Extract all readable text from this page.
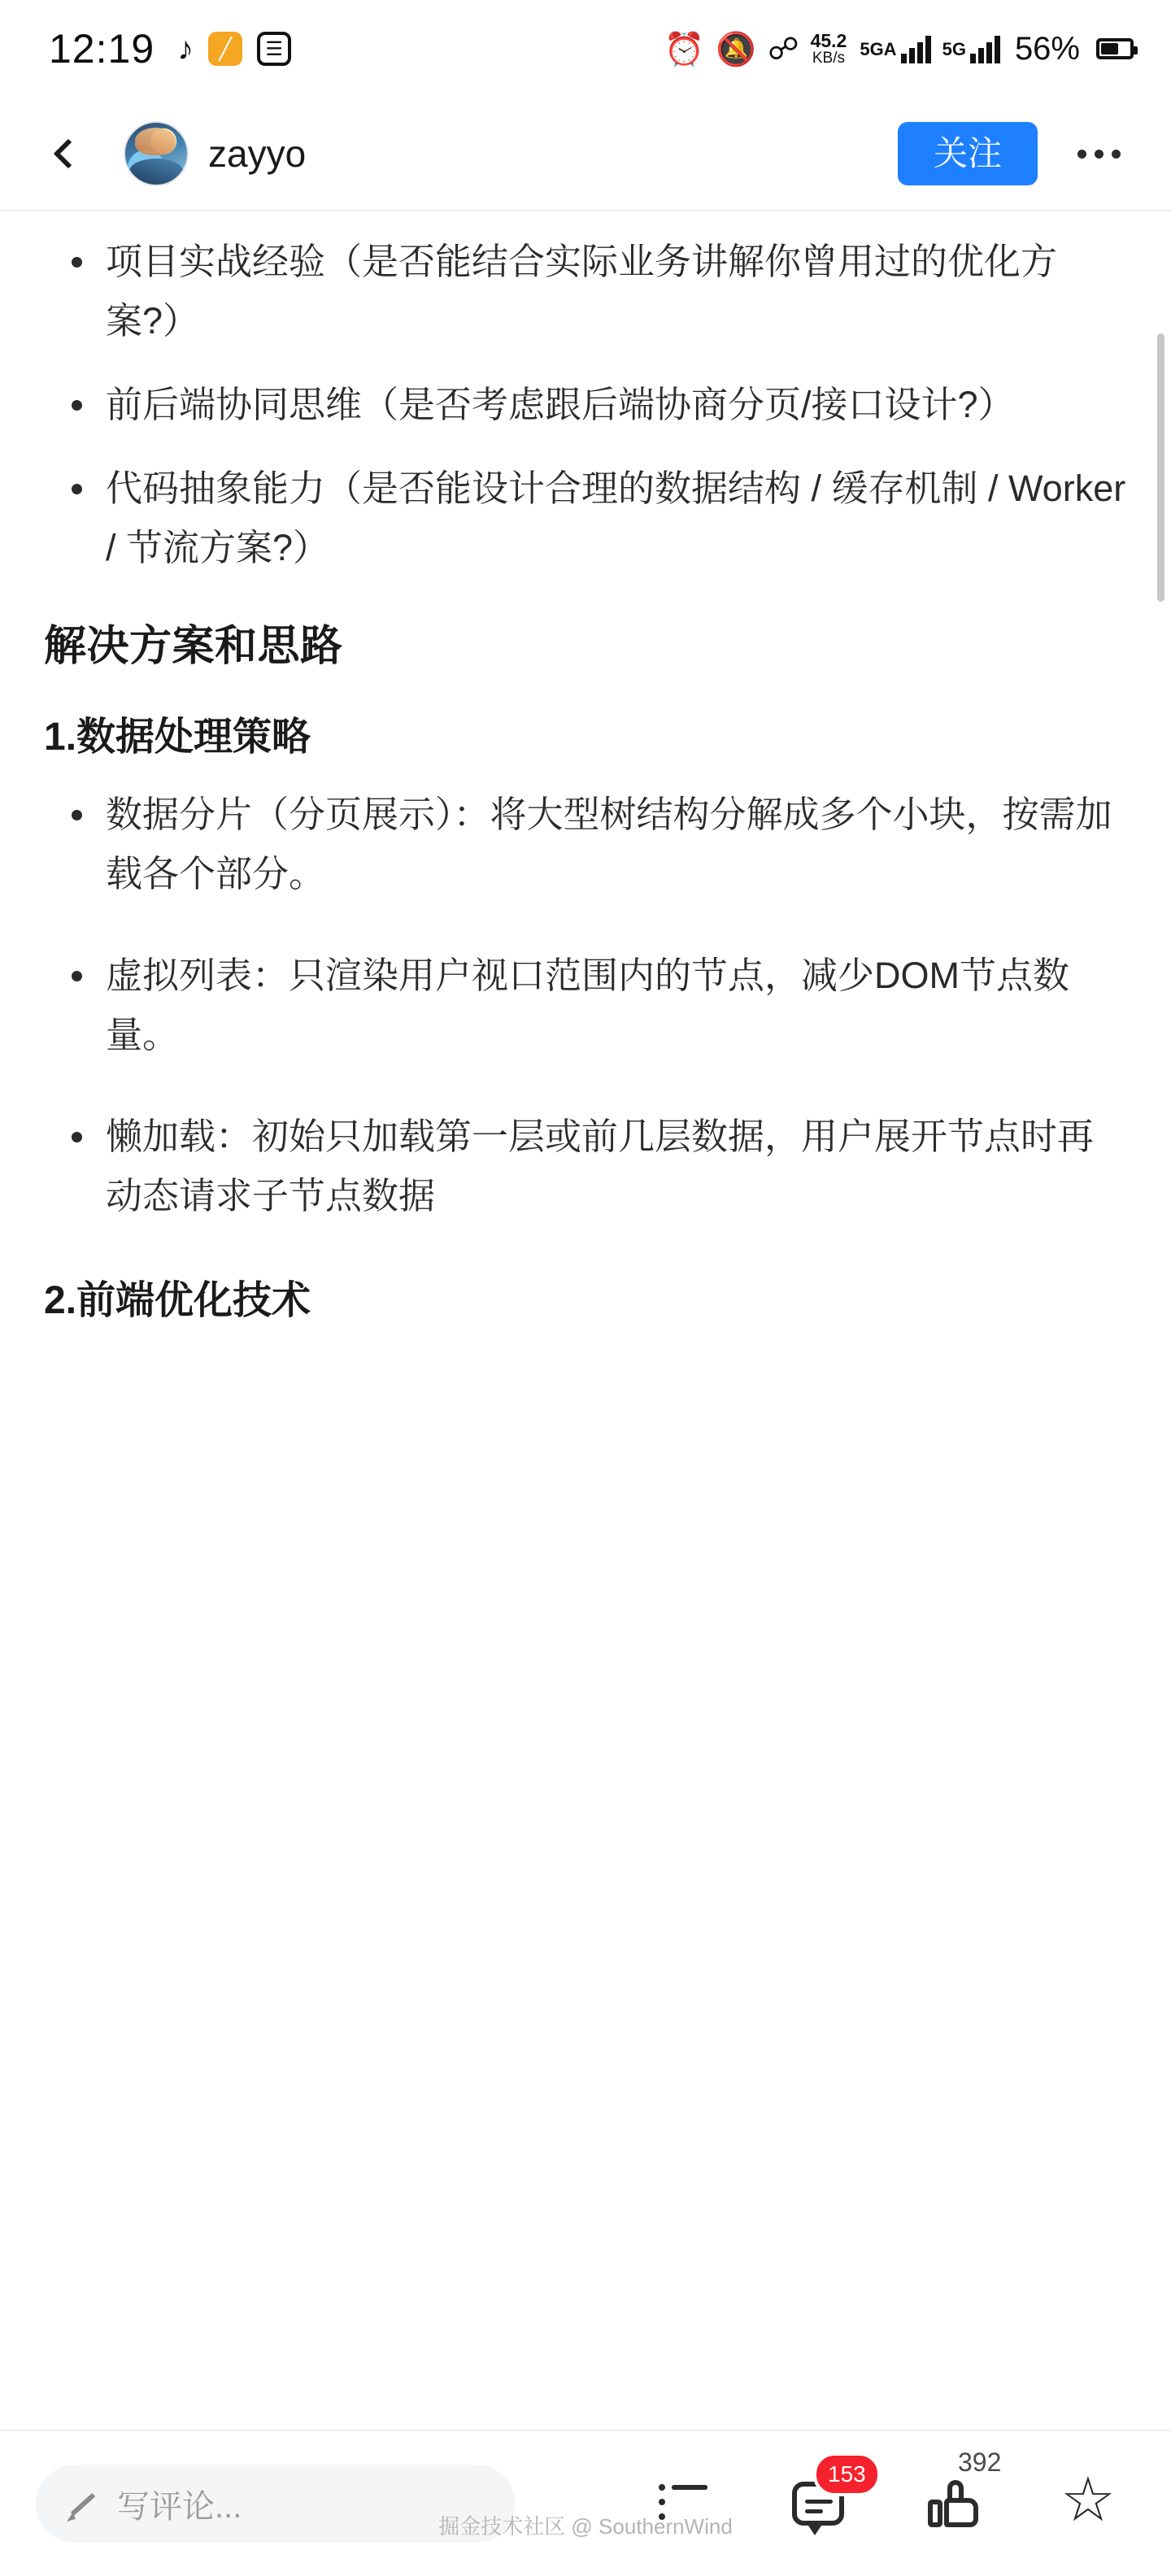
12:19 ♪	╱	☰	⏰ 🔕 ☍ 45.2
KB/s 5GA	5G 56%
zayyo	关注
项目实战经验（是否能结合实际业务讲解你曾用过的优化方案?）
前后端协同思维（是否考虑跟后端协商分页/接口设计?）
代码抽象能力（是否能设计合理的数据结构 / 缓存机制 / Worker / 节流方案?）
解决方案和思路
1.数据处理策略
数据分片（分页展示）：将大型树结构分解成多个小块，按需加载各个部分。
虚拟列表：只渲染用户视口范围内的节点，减少DOM节点数量。
懒加载：初始只加载第一层或前几层数据，用户展开节点时再动态请求子节点数据
2.前端优化技术
写评论...
153	392
☆
掘金技术社区 @ SouthernWind
